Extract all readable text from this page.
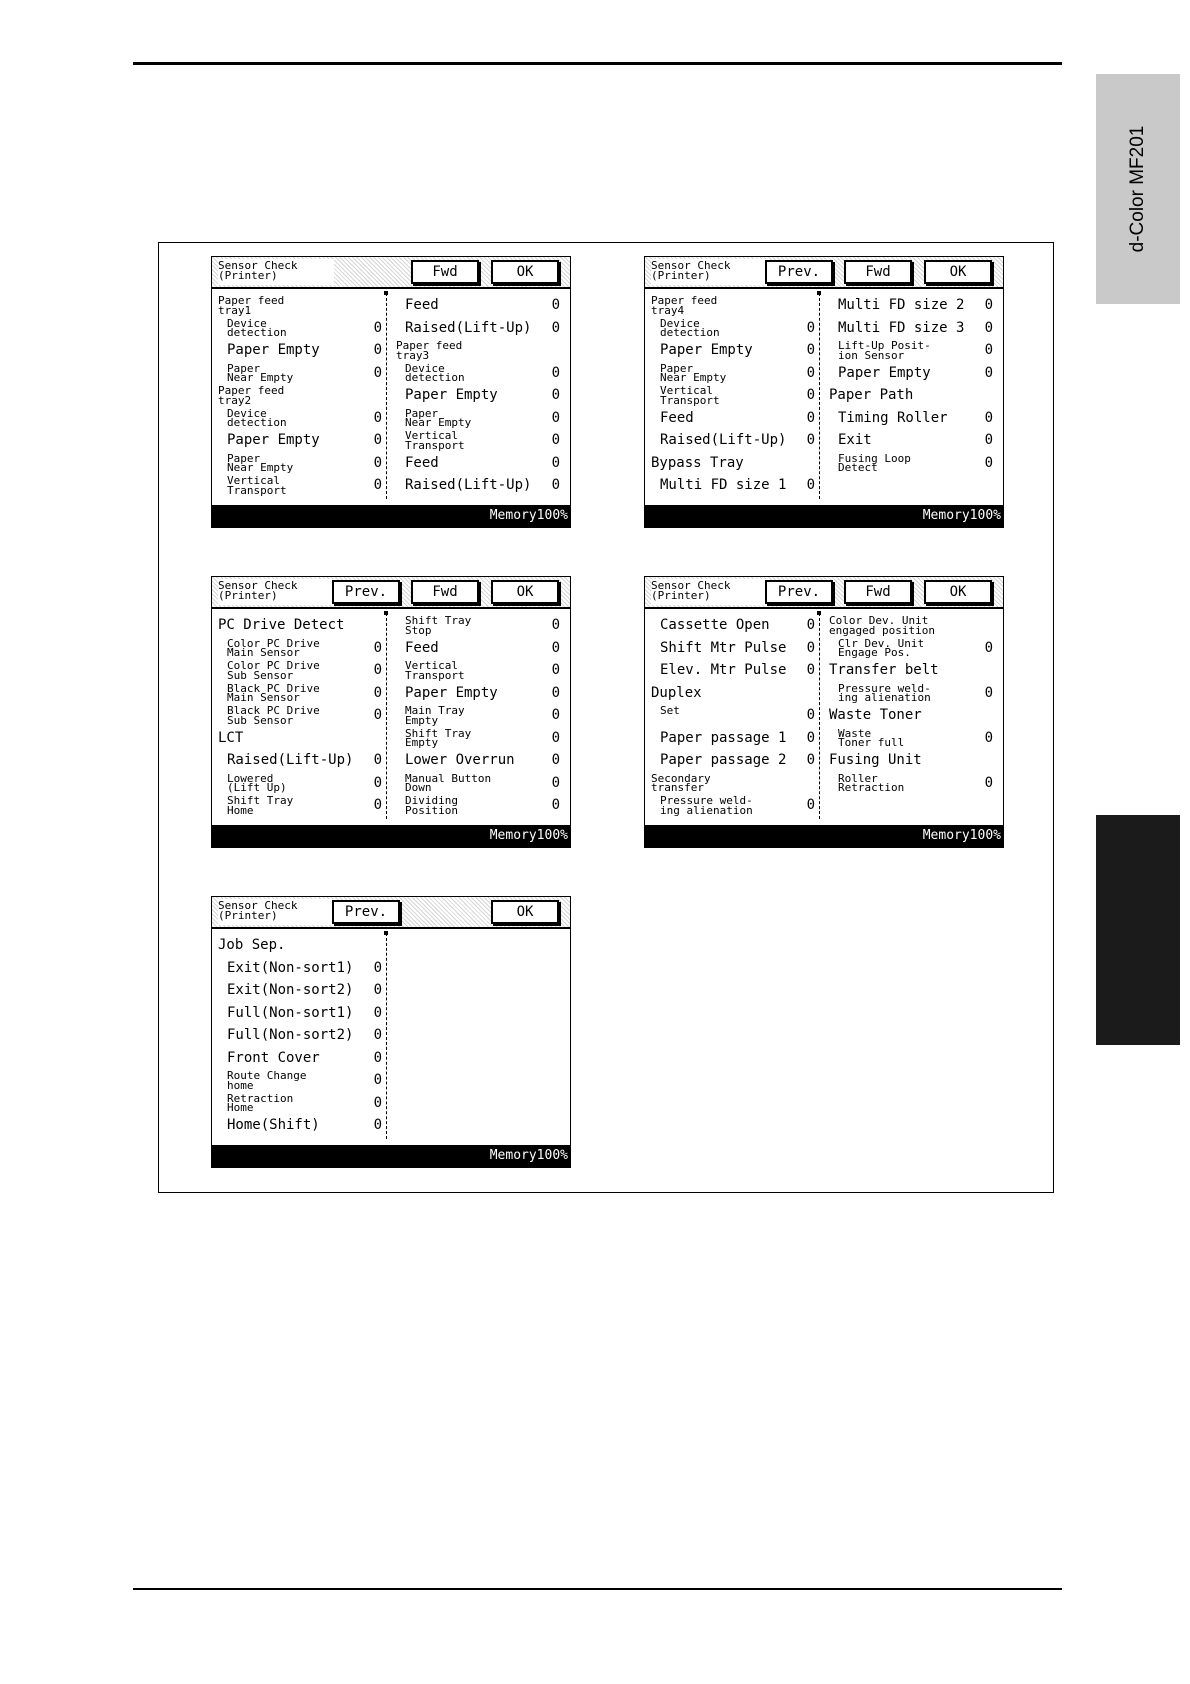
d-Color MF201
Sensor Check
(Printer)	Fwd	OK
Paper feed
tray1
Device
detection	0
Paper Empty	0
Paper
Near Empty	0
Paper feed
tray2
Device
detection	0
Paper Empty	0
Paper
Near Empty	0
Vertical
Transport	0
Feed	0
Raised(Lift-Up) 0
Paper feed
tray3
Device
detection	0
Paper Empty	0
Paper
Near Empty	0
Vertical
Transport	0
Feed	0
Raised(Lift-Up) 0
Memory100%
Sensor Check
(Printer)	Prev.	Fwd	OK
Paper feed
tray4
Device
detection	0
Paper Empty	0
Paper
Near Empty	0
Vertical
Transport	0
Feed	0
Raised(Lift-Up) 0
Bypass Tray
Multi FD size 1 0
Multi FD size 2 0
Multi FD size 3 0
Lift-Up Posit-
ion Sensor	0
Paper Empty	0
Paper Path
Timing Roller	0
Exit	0
Fusing Loop
Detect	0
Memory100%
Sensor Check
(Printer)	Prev.	Fwd	OK
PC Drive Detect
Color PC Drive
Main Sensor	0
Color PC Drive
Sub Sensor	0
Black PC Drive
Main Sensor	0
Black PC Drive
Sub Sensor	0
LCT
Raised(Lift-Up) 0
Lowered
(Lift Up)	0
Shift Tray
Home	0
Shift Tray
Stop	0
Feed	0
Vertical
Transport	0
Paper Empty	0
Main Tray
Empty	0
Shift Tray
Empty	0
Lower Overrun	0
Manual Button
Down	0
Dividing
Position	0
Memory100%
Sensor Check
(Printer)	Prev.	Fwd	OK
Cassette Open	0
Shift Mtr Pulse 0
Elev. Mtr Pulse 0
Duplex
Set	0
Paper passage 1 0
Paper passage 2 0
Secondary
transfer
Pressure weld-
ing alienation	0
Color Dev. Unit
engaged position
Clr Dev. Unit
Engage Pos.	0
Transfer belt
Pressure weld-
ing alienation	0
Waste Toner
Waste
Toner full	0
Fusing Unit
Roller
Retraction	0
Memory100%
Sensor Check
(Printer)	Prev.	OK
Job Sep.
Exit(Non-sort1) 0
Exit(Non-sort2) 0
Full(Non-sort1) 0
Full(Non-sort2) 0
Front Cover	0
Route Change
home	0
Retraction
Home	0
Home(Shift)	0
Memory100%
